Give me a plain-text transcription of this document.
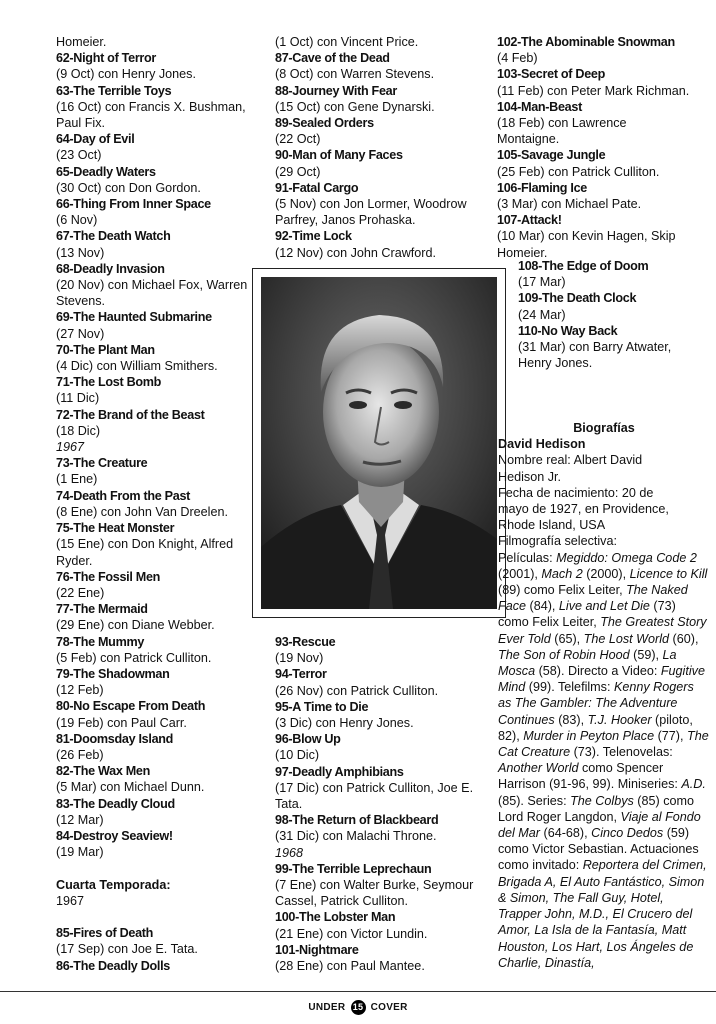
Homeier.
62-Night of Terror
(9 Oct) con Henry Jones.
63-The Terrible Toys
(16 Oct) con Francis X. Bushman,
Paul Fix.
64-Day of Evil
(23 Oct)
65-Deadly Waters
(30 Oct) con Don Gordon.
66-Thing From Inner Space
(6 Nov)
67-The Death Watch
(13 Nov)
68-Deadly Invasion
(20 Nov) con Michael Fox, Warren
Stevens.
69-The Haunted Submarine
(27 Nov)
70-The Plant Man
(4 Dic) con William Smithers.
71-The Lost Bomb
(11 Dic)
72-The Brand of the Beast
(18 Dic)
1967
73-The Creature
(1 Ene)
74-Death From the Past
(8 Ene) con John Van Dreelen.
75-The Heat Monster
(15 Ene) con Don Knight, Alfred
Ryder.
76-The Fossil Men
(22 Ene)
77-The Mermaid
(29 Ene) con Diane Webber.
78-The Mummy
(5 Feb) con Patrick Culliton.
79-The Shadowman
(12 Feb)
80-No Escape From Death
(19 Feb) con Paul Carr.
81-Doomsday Island
(26 Feb)
82-The Wax Men
(5 Mar) con Michael Dunn.
83-The Deadly Cloud
(12 Mar)
84-Destroy Seaview!
(19 Mar)
Cuarta Temporada:
1967
85-Fires of Death
(17 Sep) con Joe E. Tata.
86-The Deadly Dolls
(1 Oct) con Vincent Price.
87-Cave of the Dead
(8 Oct) con Warren Stevens.
88-Journey With Fear
(15 Oct) con Gene Dynarski.
89-Sealed Orders
(22 Oct)
90-Man of Many Faces
(29 Oct)
91-Fatal Cargo
(5 Nov) con Jon Lormer, Woodrow
Parfrey, Janos Prohaska.
92-Time Lock
(12 Nov) con John Crawford.
102-The Abominable Snowman
(4 Feb)
103-Secret of Deep
(11 Feb) con Peter Mark Richman.
104-Man-Beast
(18 Feb) con Lawrence
Montaigne.
105-Savage Jungle
(25 Feb) con Patrick Culliton.
106-Flaming Ice
(3 Mar) con Michael Pate.
107-Attack!
(10 Mar) con Kevin Hagen, Skip
Homeier.
108-The Edge of Doom
(17 Mar)
109-The Death Clock
(24 Mar)
110-No Way Back
(31 Mar) con Barry Atwater,
Henry Jones.
93-Rescue
(19 Nov)
94-Terror
(26 Nov) con Patrick Culliton.
95-A Time to Die
(3 Dic) con Henry Jones.
96-Blow Up
(10 Dic)
97-Deadly Amphibians
(17 Dic) con Patrick Culliton, Joe E.
Tata.
98-The Return of Blackbeard
(31 Dic) con Malachi Throne.
1968
99-The Terrible Leprechaun
(7 Ene) con Walter Burke, Seymour
Cassel, Patrick Culliton.
100-The Lobster Man
(21 Ene) con Victor Lundin.
101-Nightmare
(28 Ene) con Paul Mantee.

Biografías

David Hedison

Nombre real: Albert David

Hedison Jr.

Fecha de nacimiento: 20 de

mayo de 1927, en Providence,

Rhode Island, USA

Filmografía selectiva:

Películas: Megiddo: Omega Code 2 (2001), Mach 2 (2000), Licence to Kill (89) como Felix Leiter, The Naked Face (84), Live and Let Die (73) como Felix Leiter, The Greatest Story Ever Told (65), The Lost World (60), The Son of Robin Hood (59), La Mosca (58). Directo a Video: Fugitive Mind (99). Telefilms: Kenny Rogers as The Gambler: The Adventure Continues (83), T.J. Hooker (piloto, 82), Murder in Peyton Place (77), The Cat Creature (73). Telenovelas: Another World como Spencer Harrison (91-96, 99). Miniseries: A.D. (85). Series: The Colbys (85) como Lord Roger Langdon, Viaje al Fondo del Mar (64-68), Cinco Dedos (59) como Victor Sebastian. Actuaciones como invitado: Reportera del Crimen, Brigada A, El Auto Fantástico, Simon & Simon, The Fall Guy, Hotel, Trapper John, M.D., El Crucero del Amor, La Isla de la Fantasía, Matt Houston, Los Hart, Los Ángeles de Charlie, Dinastía,

UNDER 15 COVER
